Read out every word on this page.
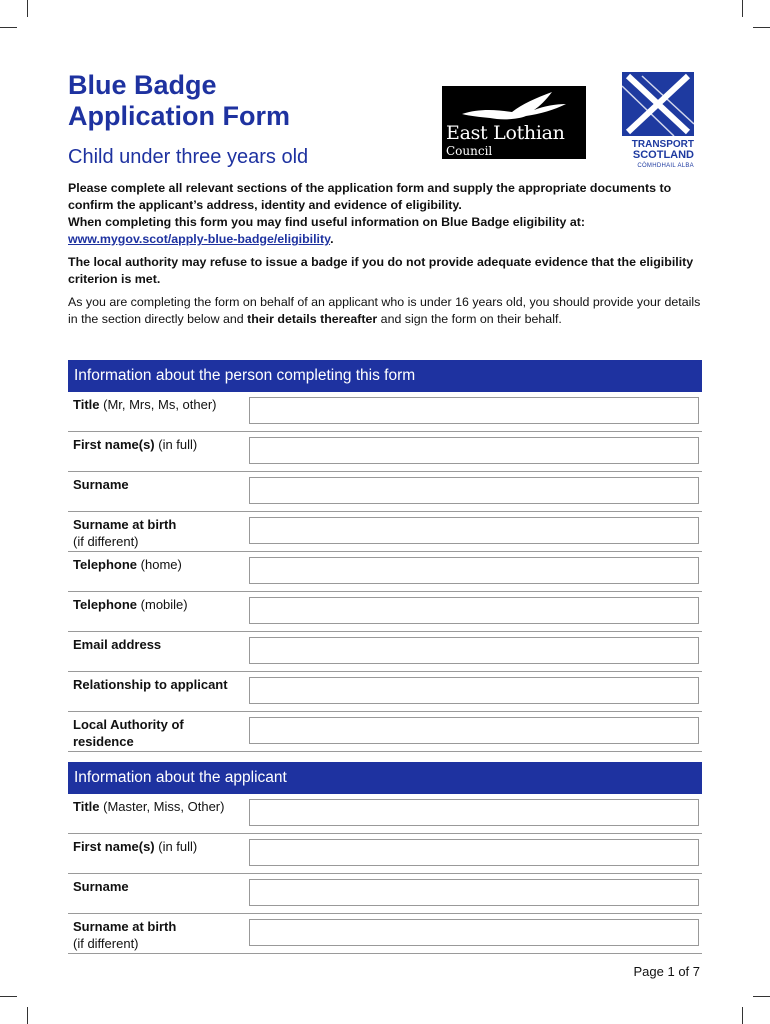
Blue Badge
Application Form
Child under three years old
East Lothian
Council	TRANSPORT
SCOTLAND
CÒMHDHAIL ALBA

Please complete all relevant sections of the application form and supply the appropriate documents to confirm the applicant’s address, identity and evidence of eligibility.
When completing this form you may find useful information on Blue Badge eligibility at:
www.mygov.scot/apply-blue-badge/eligibility.

The local authority may refuse to issue a badge if you do not provide adequate evidence that the eligibility criterion is met.

As you are completing the form on behalf of an applicant who is under 16 years old, you should provide your details in the section directly below and their details thereafter and sign the form on their behalf.

Information about the person completing this form
Title (Mr, Mrs, Ms, other)
First name(s) (in full)
Surname
Surname at birth
(if different)
Telephone (home)
Telephone (mobile)
Email address
Relationship to applicant
Local Authority of residence
Information about the applicant
Title (Master, Miss, Other)
First name(s) (in full)
Surname
Surname at birth
(if different)
Page 1 of 7
